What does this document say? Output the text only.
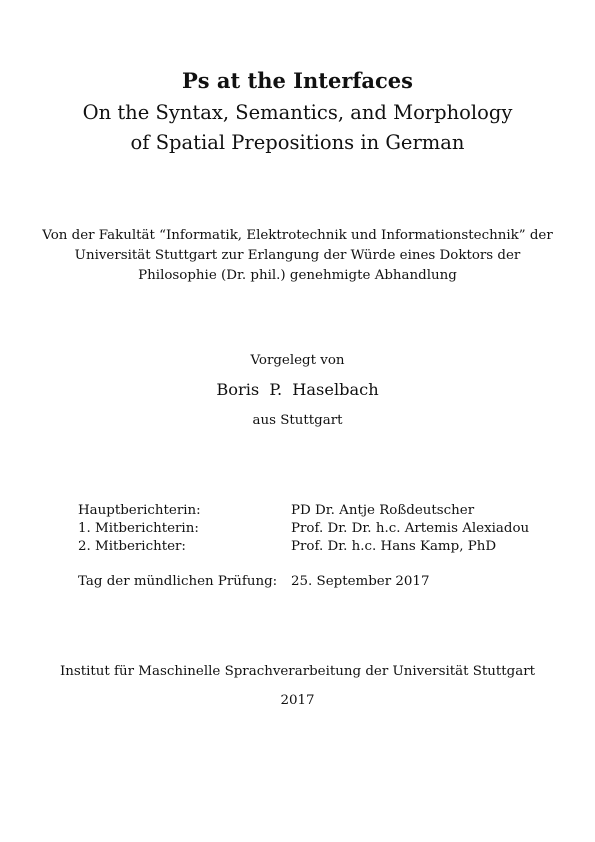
Ps at the Interfaces
On the Syntax, Semantics, and Morphology
of Spatial Prepositions in German
Von der Fakultät “Informatik, Elektrotechnik und Informationstechnik” der
Universität Stuttgart zur Erlangung der Würde eines Doktors der
Philosophie (Dr. phil.) genehmigte Abhandlung
Vorgelegt von
Boris P. Haselbach
aus Stuttgart
Hauptberichterin:	PD Dr. Antje Roßdeutscher
1. Mitberichterin:	Prof. Dr. Dr. h.c. Artemis Alexiadou
2. Mitberichter:	Prof. Dr. h.c. Hans Kamp, PhD
Tag der mündlichen Prüfung: 25. September 2017
Institut für Maschinelle Sprachverarbeitung der Universität Stuttgart
2017
